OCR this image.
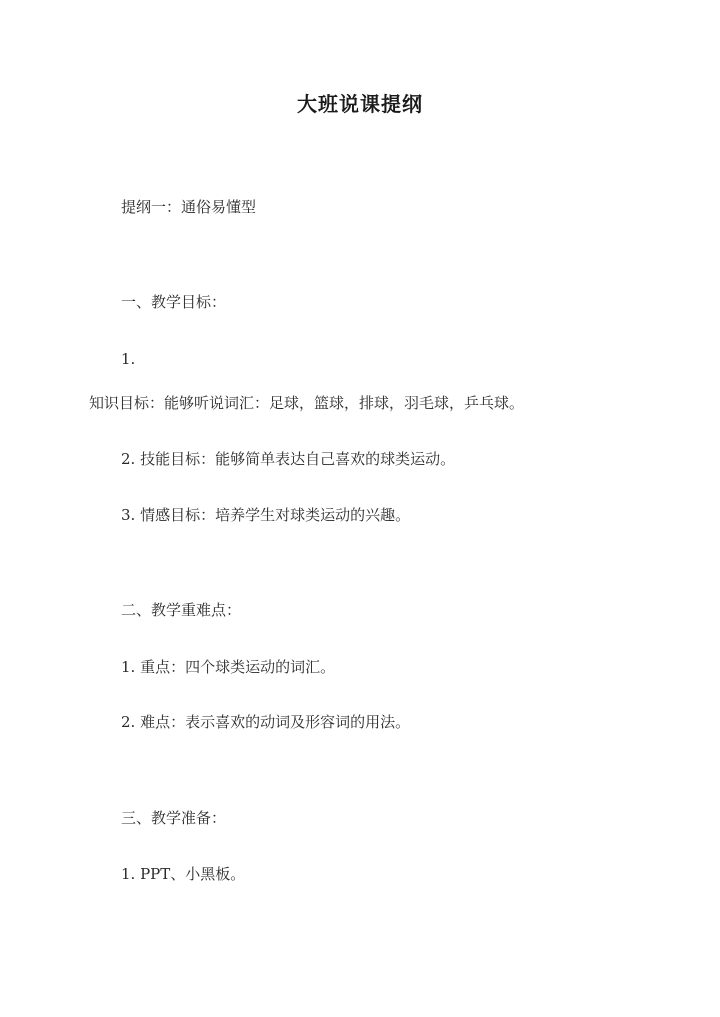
大班说课提纲
提纲一：通俗易懂型
一、教学目标：
1.
知识目标：能够听说词汇：足球，篮球，排球，羽毛球，乒乓球。
2. 技能目标：能够简单表达自己喜欢的球类运动。
3. 情感目标：培养学生对球类运动的兴趣。
二、教学重难点：
1. 重点：四个球类运动的词汇。
2. 难点：表示喜欢的动词及形容词的用法。
三、教学准备：
1. PPT、小黑板。
